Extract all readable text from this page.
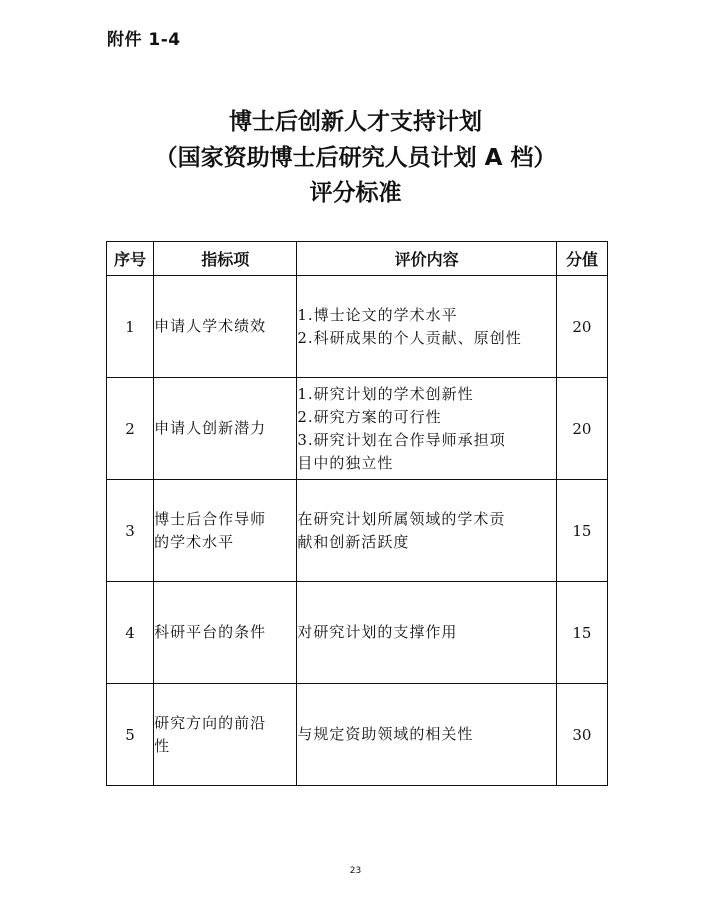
附件 1-4
博士后创新人才支持计划
（国家资助博士后研究人员计划 A 档）
评分标准
序号	指标项	评价内容	分值
1	申请人学术绩效	1.博士论文的学术水平
2.科研成果的个人贡献、原创性	20
2	申请人创新潜力	1.研究计划的学术创新性
2.研究方案的可行性
3.研究计划在合作导师承担项
目中的独立性	20
3	博士后合作导师
的学术水平	在研究计划所属领域的学术贡
献和创新活跃度	15
4	科研平台的条件	对研究计划的支撑作用	15
5	研究方向的前沿
性	与规定资助领域的相关性	30
23
